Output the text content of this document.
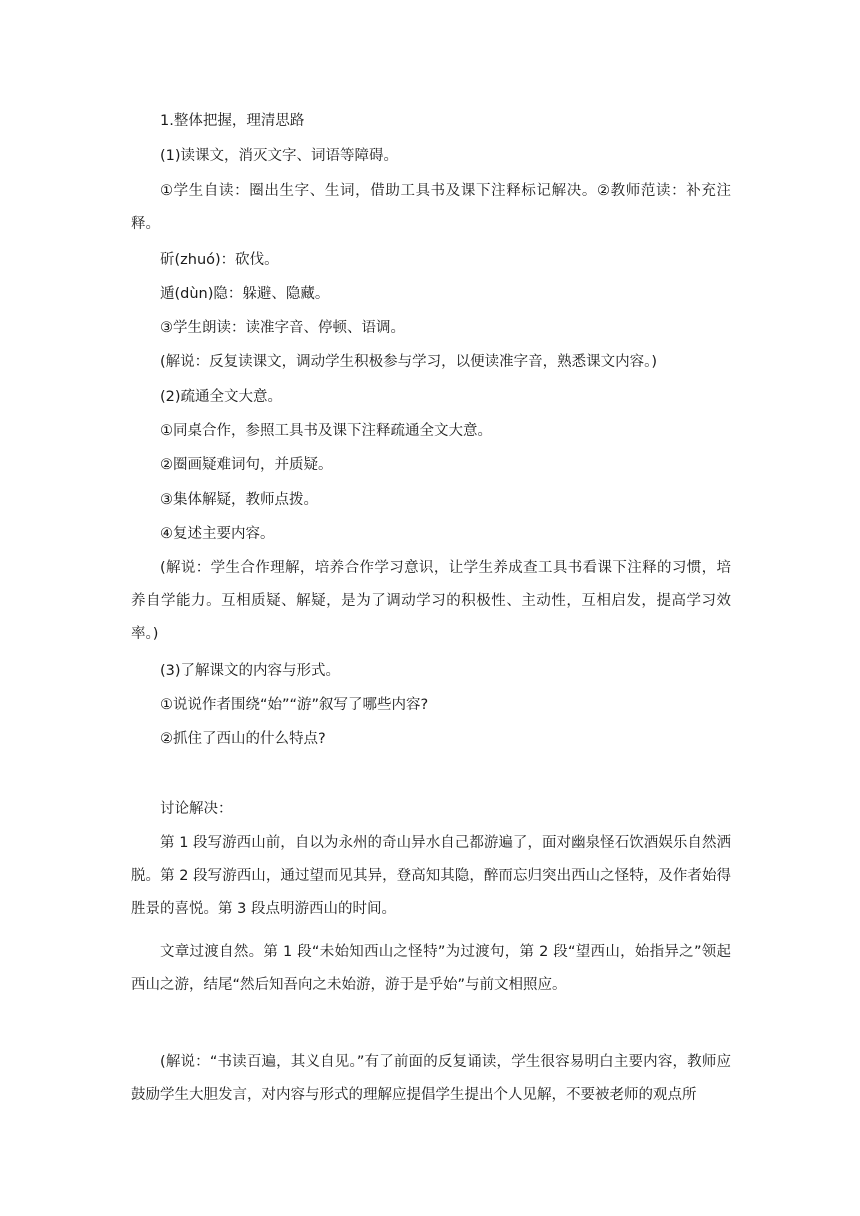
1.整体把握，理清思路
(1)读课文，消灭文字、词语等障碍。
①学生自读：圈出生字、生词，借助工具书及课下注释标记解决。②教师范读：补充注释。
斫(zhuó)：砍伐。
遁(dùn)隐：躲避、隐藏。
③学生朗读：读准字音、停顿、语调。
(解说：反复读课文，调动学生积极参与学习，以便读准字音，熟悉课文内容。)
(2)疏通全文大意。
①同桌合作，参照工具书及课下注释疏通全文大意。
②圈画疑难词句，并质疑。
③集体解疑，教师点拨。
④复述主要内容。
(解说：学生合作理解，培养合作学习意识，让学生养成查工具书看课下注释的习惯，培养自学能力。互相质疑、解疑，是为了调动学习的积极性、主动性，互相启发，提高学习效率。)
(3)了解课文的内容与形式。
①说说作者围绕“始”“游”叙写了哪些内容?
②抓住了西山的什么特点?
讨论解决：
第 1 段写游西山前，自以为永州的奇山异水自己都游遍了，面对幽泉怪石饮酒娱乐自然洒脱。第 2 段写游西山，通过望而见其异，登高知其隐，醉而忘归突出西山之怪特，及作者始得胜景的喜悦。第 3 段点明游西山的时间。
文章过渡自然。第 1 段“未始知西山之怪特”为过渡句，第 2 段“望西山，始指异之”领起西山之游，结尾“然后知吾向之未始游，游于是乎始”与前文相照应。
(解说：“书读百遍，其义自见。”有了前面的反复诵读，学生很容易明白主要内容，教师应鼓励学生大胆发言，对内容与形式的理解应提倡学生提出个人见解，不要被老师的观点所
